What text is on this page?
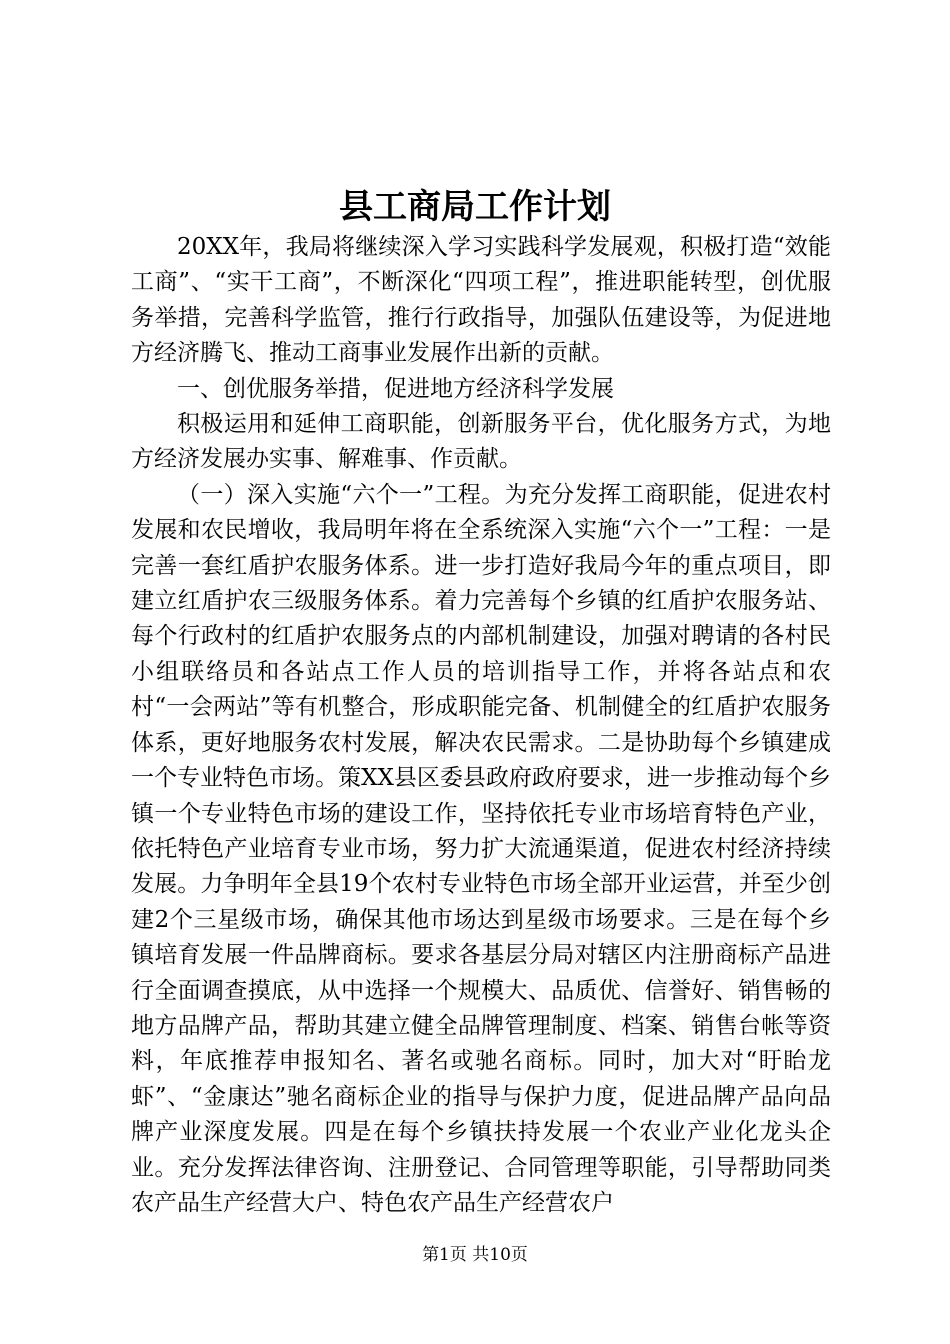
县工商局工作计划

20XX年，我局将继续深入学习实践科学发展观，积极打造“效能工商”、“实干工商”，不断深化“四项工程”，推进职能转型，创优服务举措，完善科学监管，推行行政指导，加强队伍建设等，为促进地方经济腾飞、推动工商事业发展作出新的贡献。

一、创优服务举措，促进地方经济科学发展

积极运用和延伸工商职能，创新服务平台，优化服务方式，为地方经济发展办实事、解难事、作贡献。

（一）深入实施“六个一”工程。为充分发挥工商职能，促进农村发展和农民增收，我局明年将在全系统深入实施“六个一”工程：一是完善一套红盾护农服务体系。进一步打造好我局今年的重点项目，即建立红盾护农三级服务体系。着力完善每个乡镇的红盾护农服务站、每个行政村的红盾护农服务点的内部机制建设，加强对聘请的各村民小组联络员和各站点工作人员的培训指导工作，并将各站点和农村“一会两站”等有机整合，形成职能完备、机制健全的红盾护农服务体系，更好地服务农村发展，解决农民需求。二是协助每个乡镇建成一个专业特色市场。策XX县区委县政府政府要求，进一步推动每个乡镇一个专业特色市场的建设工作，坚持依托专业市场培育特色产业，依托特色产业培育专业市场，努力扩大流通渠道，促进农村经济持续发展。力争明年全县19个农村专业特色市场全部开业运营，并至少创建2个三星级市场，确保其他市场达到星级市场要求。三是在每个乡镇培育发展一件品牌商标。要求各基层分局对辖区内注册商标产品进行全面调查摸底，从中选择一个规模大、品质优、信誉好、销售畅的地方品牌产品，帮助其建立健全品牌管理制度、档案、销售台帐等资料，年底推荐申报知名、著名或驰名商标。同时，加大对“盱眙龙虾”、“金康达”驰名商标企业的指导与保护力度，促进品牌产品向品牌产业深度发展。四是在每个乡镇扶持发展一个农业产业化龙头企业。充分发挥法律咨询、注册登记、合同管理等职能，引导帮助同类农产品生产经营大户、特色农产品生产经营农户

第1页 共10页
